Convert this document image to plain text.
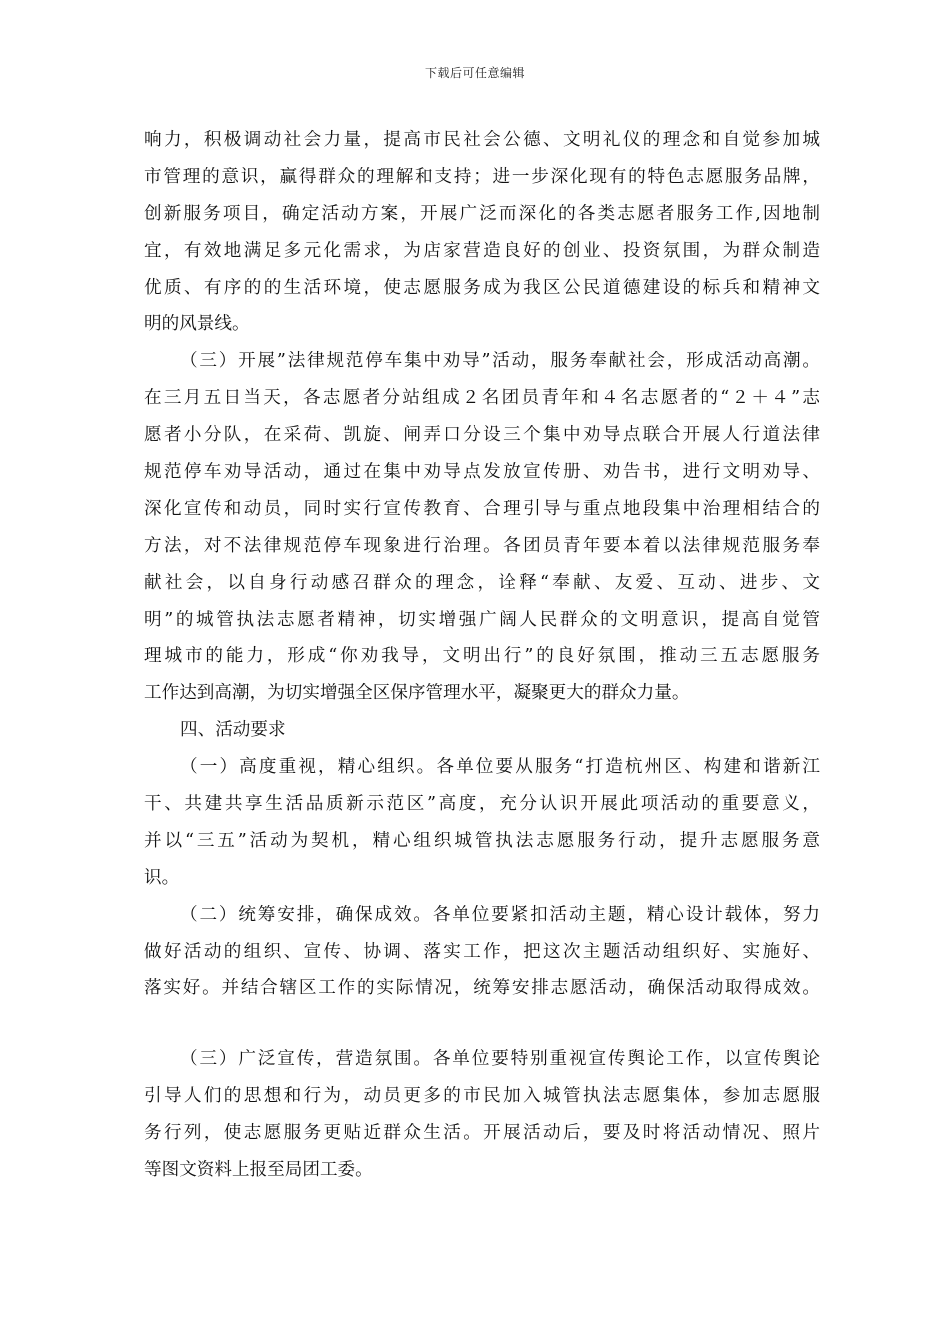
下载后可任意编辑
响力，积极调动社会力量，提高市民社会公德、文明礼仪的理念和自觉参加城
市管理的意识，赢得群众的理解和支持；进一步深化现有的特色志愿服务品牌，
创新服务项目，确定活动方案，开展广泛而深化的各类志愿者服务工作,因地制
宜，有效地满足多元化需求，为店家营造良好的创业、投资氛围，为群众制造
优质、有序的的生活环境，使志愿服务成为我区公民道德建设的标兵和精神文
明的风景线。
（三）开展”法律规范停车集中劝导”活动，服务奉献社会，形成活动高潮。
在三月五日当天，各志愿者分站组成２名团员青年和４名志愿者的“２＋４”志
愿者小分队，在采荷、凯旋、闸弄口分设三个集中劝导点联合开展人行道法律
规范停车劝导活动，通过在集中劝导点发放宣传册、劝告书，进行文明劝导、
深化宣传和动员，同时实行宣传教育、合理引导与重点地段集中治理相结合的
方法，对不法律规范停车现象进行治理。各团员青年要本着以法律规范服务奉
献社会，以自身行动感召群众的理念，诠释“奉献、友爱、互动、进步、文
明”的城管执法志愿者精神，切实增强广阔人民群众的文明意识，提高自觉管
理城市的能力，形成“你劝我导，文明出行”的良好氛围，推动三五志愿服务
工作达到高潮，为切实增强全区保序管理水平，凝聚更大的群众力量。
四、活动要求
（一）高度重视，精心组织。各单位要从服务“打造杭州区、构建和谐新江
干、共建共享生活品质新示范区”高度，充分认识开展此项活动的重要意义，
并以“三五”活动为契机，精心组织城管执法志愿服务行动，提升志愿服务意
识。
（二）统筹安排，确保成效。各单位要紧扣活动主题，精心设计载体，努力
做好活动的组织、宣传、协调、落实工作，把这次主题活动组织好、实施好、
落实好。并结合辖区工作的实际情况，统筹安排志愿活动，确保活动取得成效。
（三）广泛宣传，营造氛围。各单位要特别重视宣传舆论工作，以宣传舆论
引导人们的思想和行为，动员更多的市民加入城管执法志愿集体，参加志愿服
务行列，使志愿服务更贴近群众生活。开展活动后，要及时将活动情况、照片
等图文资料上报至局团工委。
